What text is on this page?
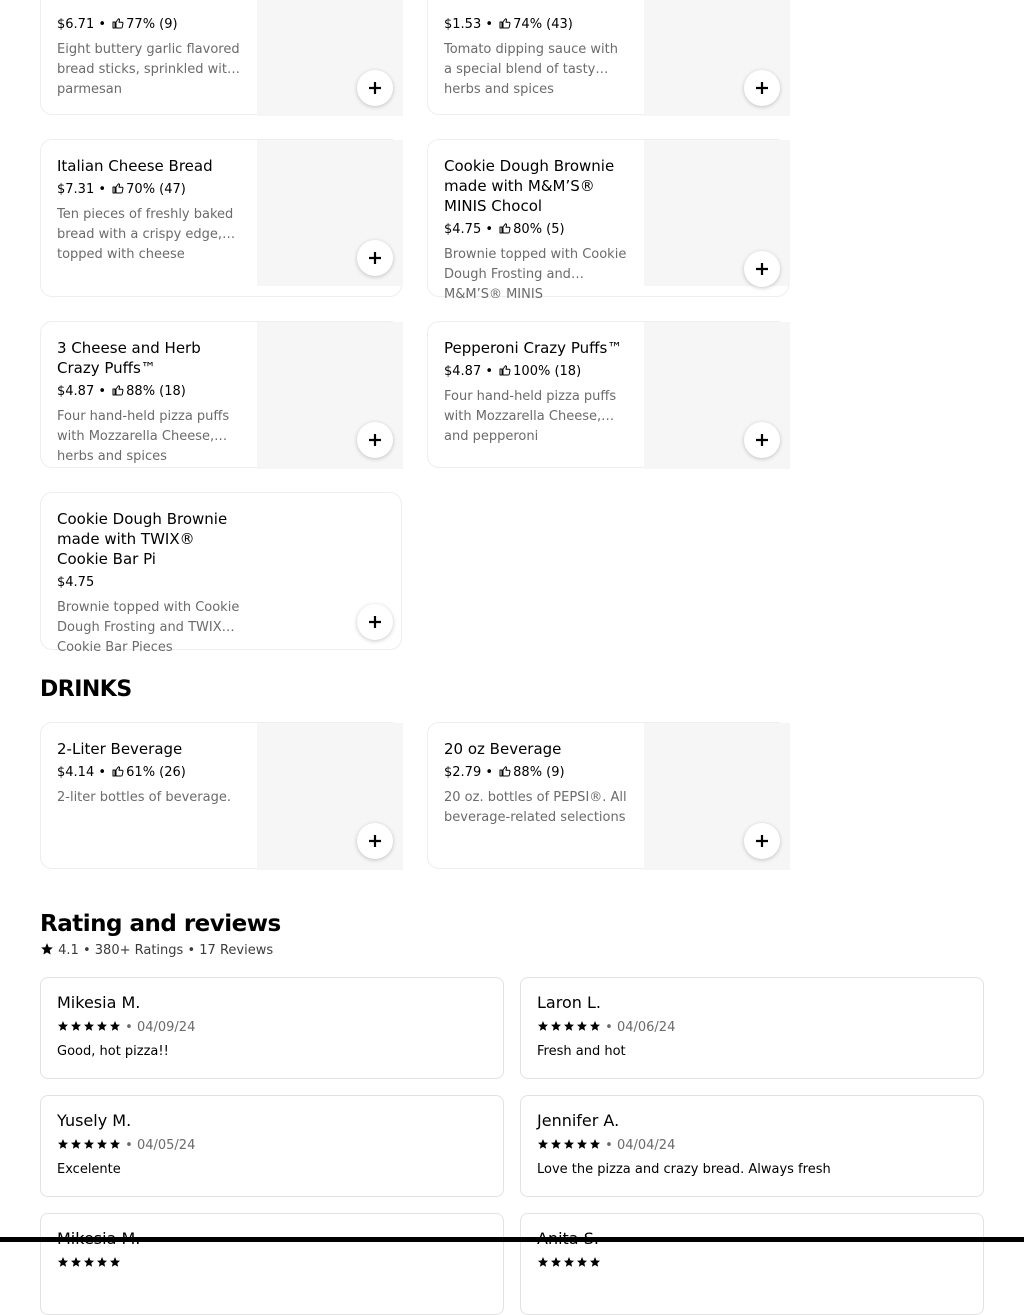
$6.71 • 77% (9)
Eight buttery garlic flavored bread sticks, sprinkled with parmesan
$1.53 • 74% (43)
Tomato dipping sauce with a special blend of tasty herbs and spices
Italian Cheese Bread
$7.31 • 70% (47)
Ten pieces of freshly baked bread with a crispy edge, topped with cheese
Cookie Dough Brownie made with M&M’S® MINIS Chocol
$4.75 • 80% (5)
Brownie topped with Cookie Dough Frosting and M&M’S® MINIS
3 Cheese and Herb Crazy Puffs™
$4.87 • 88% (18)
Four hand-held pizza puffs with Mozzarella Cheese, herbs and spices
Pepperoni Crazy Puffs™
$4.87 • 100% (18)
Four hand-held pizza puffs with Mozzarella Cheese, and pepperoni
Cookie Dough Brownie made with TWIX® Cookie Bar Pi
$4.75
Brownie topped with Cookie Dough Frosting and TWIX® Cookie Bar Pieces
DRINKS
2-Liter Beverage
$4.14 • 61% (26)
2-liter bottles of beverage.
20 oz Beverage
$2.79 • 88% (9)
20 oz. bottles of PEPSI®. All beverage-related selections
Rating and reviews
4.1 • 380+ Ratings • 17 Reviews
Mikesia M.
• 04/09/24
Good, hot pizza!!
Laron L.
• 04/06/24
Fresh and hot
Yusely M.
• 04/05/24
Excelente
Jennifer A.
• 04/04/24
Love the pizza and crazy bread. Always fresh
